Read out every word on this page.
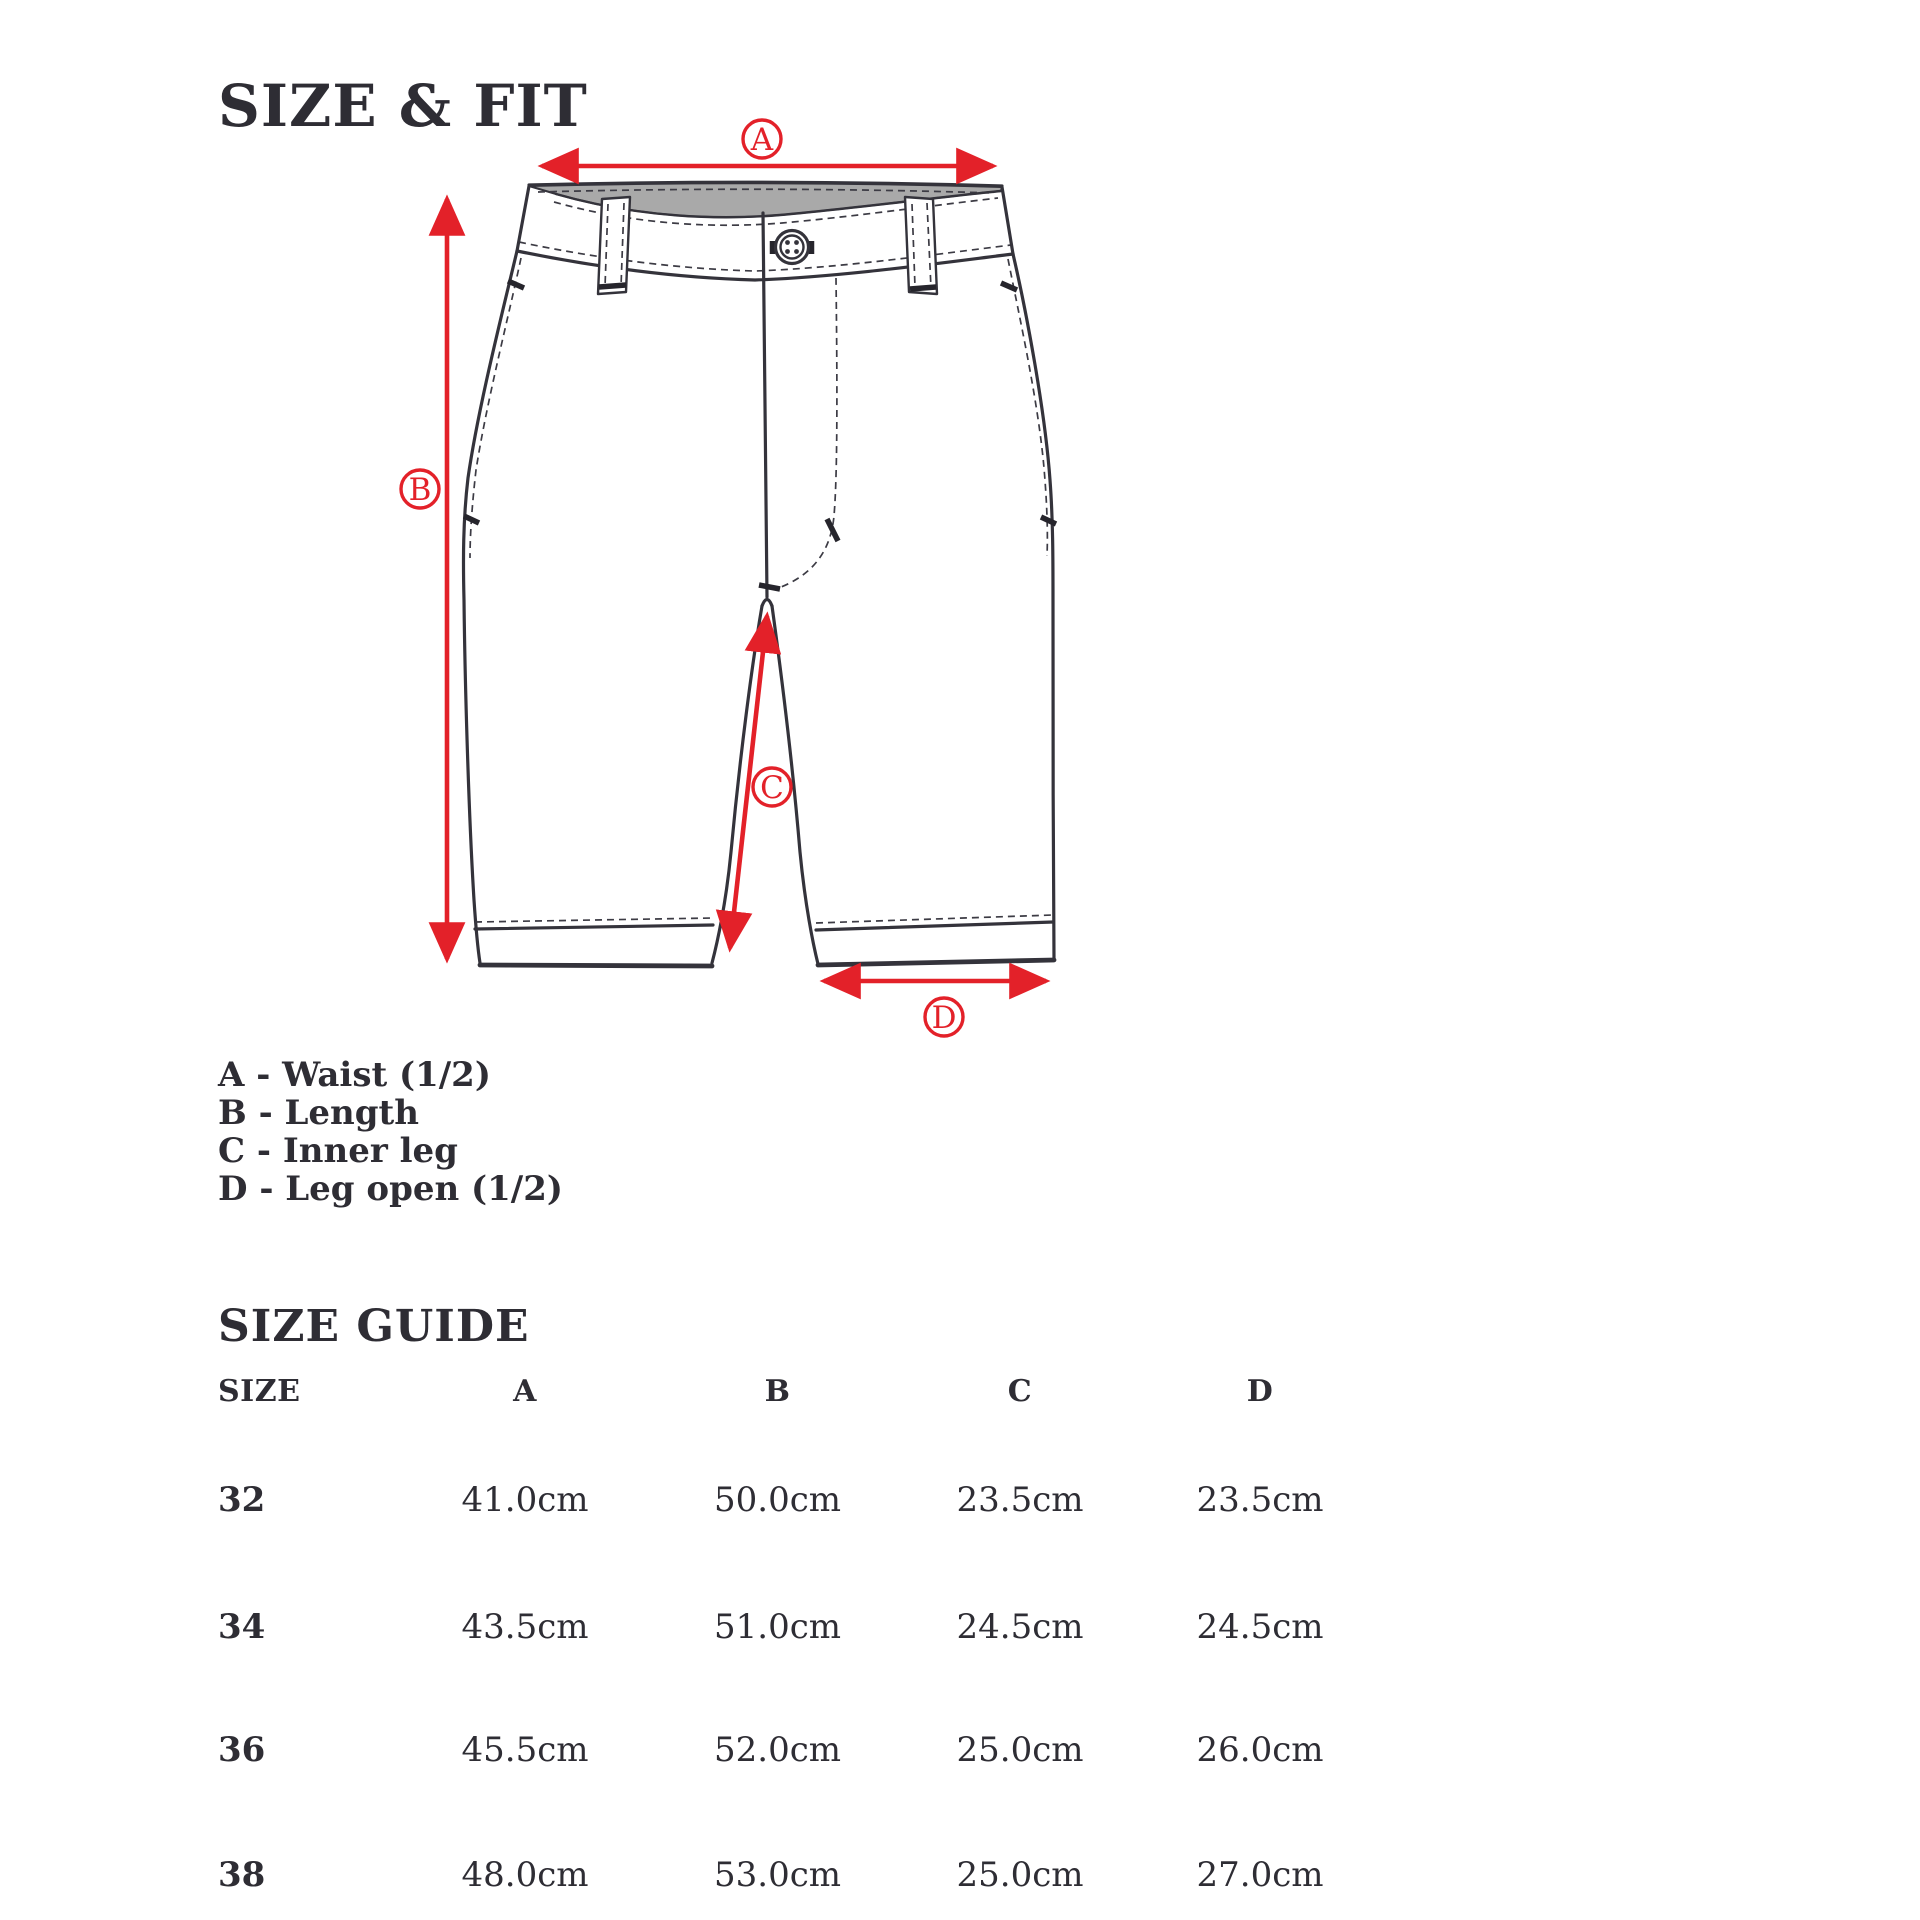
SIZE & FIT
A
B
C
D
A - Waist (1/2)
B - Length
C - Inner leg
D - Leg open (1/2)
SIZE GUIDE
SIZE	A	B	C	D
32	41.0cm	50.0cm	23.5cm	23.5cm
34	43.5cm	51.0cm	24.5cm	24.5cm
36	45.5cm	52.0cm	25.0cm	26.0cm
38	48.0cm	53.0cm	25.0cm	27.0cm
